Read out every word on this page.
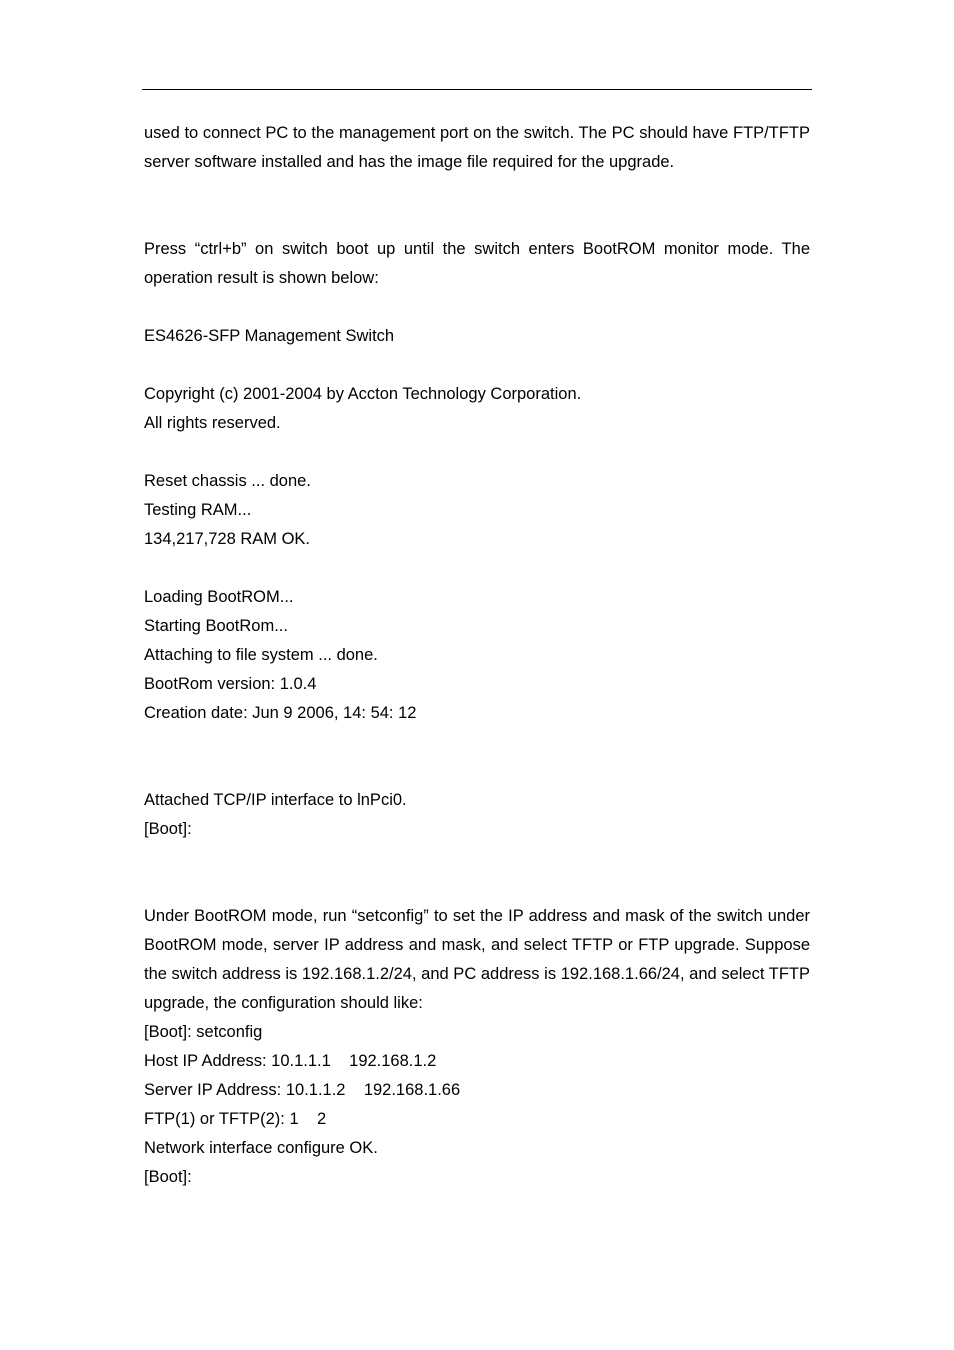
used to connect PC to the management port on the switch. The PC should have FTP/TFTP server software installed and has the image file required for the upgrade.

Press “ctrl+b” on switch boot up until the switch enters BootROM monitor mode. The operation result is shown below:

ES4626-SFP Management Switch

Copyright (c) 2001-2004 by Accton Technology Corporation.

All rights reserved.

Reset chassis ... done.

Testing RAM...

134,217,728 RAM OK.

Loading BootROM...

Starting BootRom...

Attaching to file system ... done.

BootRom version: 1.0.4

Creation date: Jun 9 2006, 14: 54: 12

Attached TCP/IP interface to lnPci0.

[Boot]:

Under BootROM mode, run “setconfig” to set the IP address and mask of the switch under BootROM mode, server IP address and mask, and select TFTP or FTP upgrade. Suppose the switch address is 192.168.1.2/24, and PC address is 192.168.1.66/24, and select TFTP upgrade, the configuration should like:

[Boot]: setconfig

Host IP Address: 10.1.1.1    192.168.1.2

Server IP Address: 10.1.1.2    192.168.1.66

FTP(1) or TFTP(2): 1    2

Network interface configure OK.

[Boot]:
